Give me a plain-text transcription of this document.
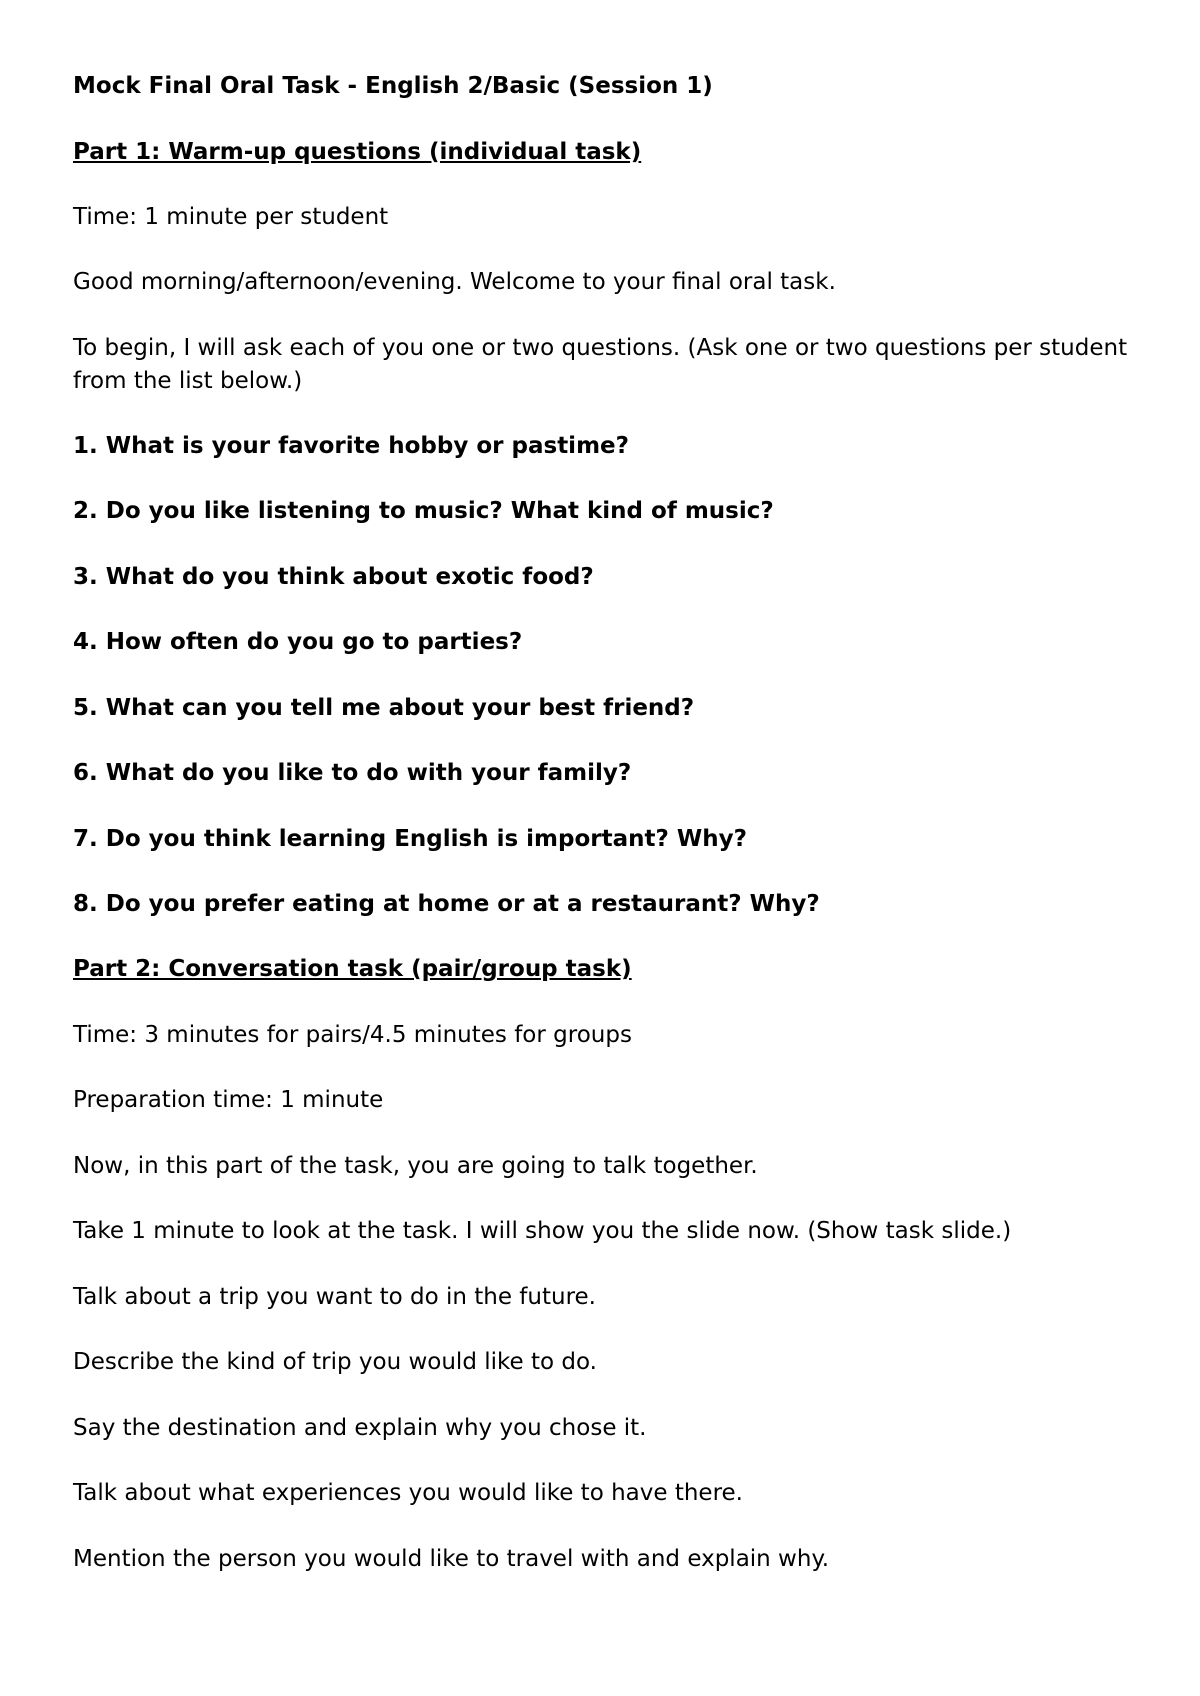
Mock Final Oral Task - English 2/Basic (Session 1)
Part 1: Warm-up questions (individual task)
Time: 1 minute per student
Good morning/afternoon/evening. Welcome to your final oral task.
To begin, I will ask each of you one or two questions. (Ask one or two questions per student from the list below.)
1. What is your favorite hobby or pastime?
2. Do you like listening to music? What kind of music?
3. What do you think about exotic food?
4. How often do you go to parties?
5. What can you tell me about your best friend?
6. What do you like to do with your family?
7. Do you think learning English is important? Why?
8. Do you prefer eating at home or at a restaurant? Why?
Part 2: Conversation task (pair/group task)
Time: 3 minutes for pairs/4.5 minutes for groups
Preparation time: 1 minute
Now, in this part of the task, you are going to talk together.
Take 1 minute to look at the task. I will show you the slide now. (Show task slide.)
Talk about a trip you want to do in the future.
Describe the kind of trip you would like to do.
Say the destination and explain why you chose it.
Talk about what experiences you would like to have there.
Mention the person you would like to travel with and explain why.
